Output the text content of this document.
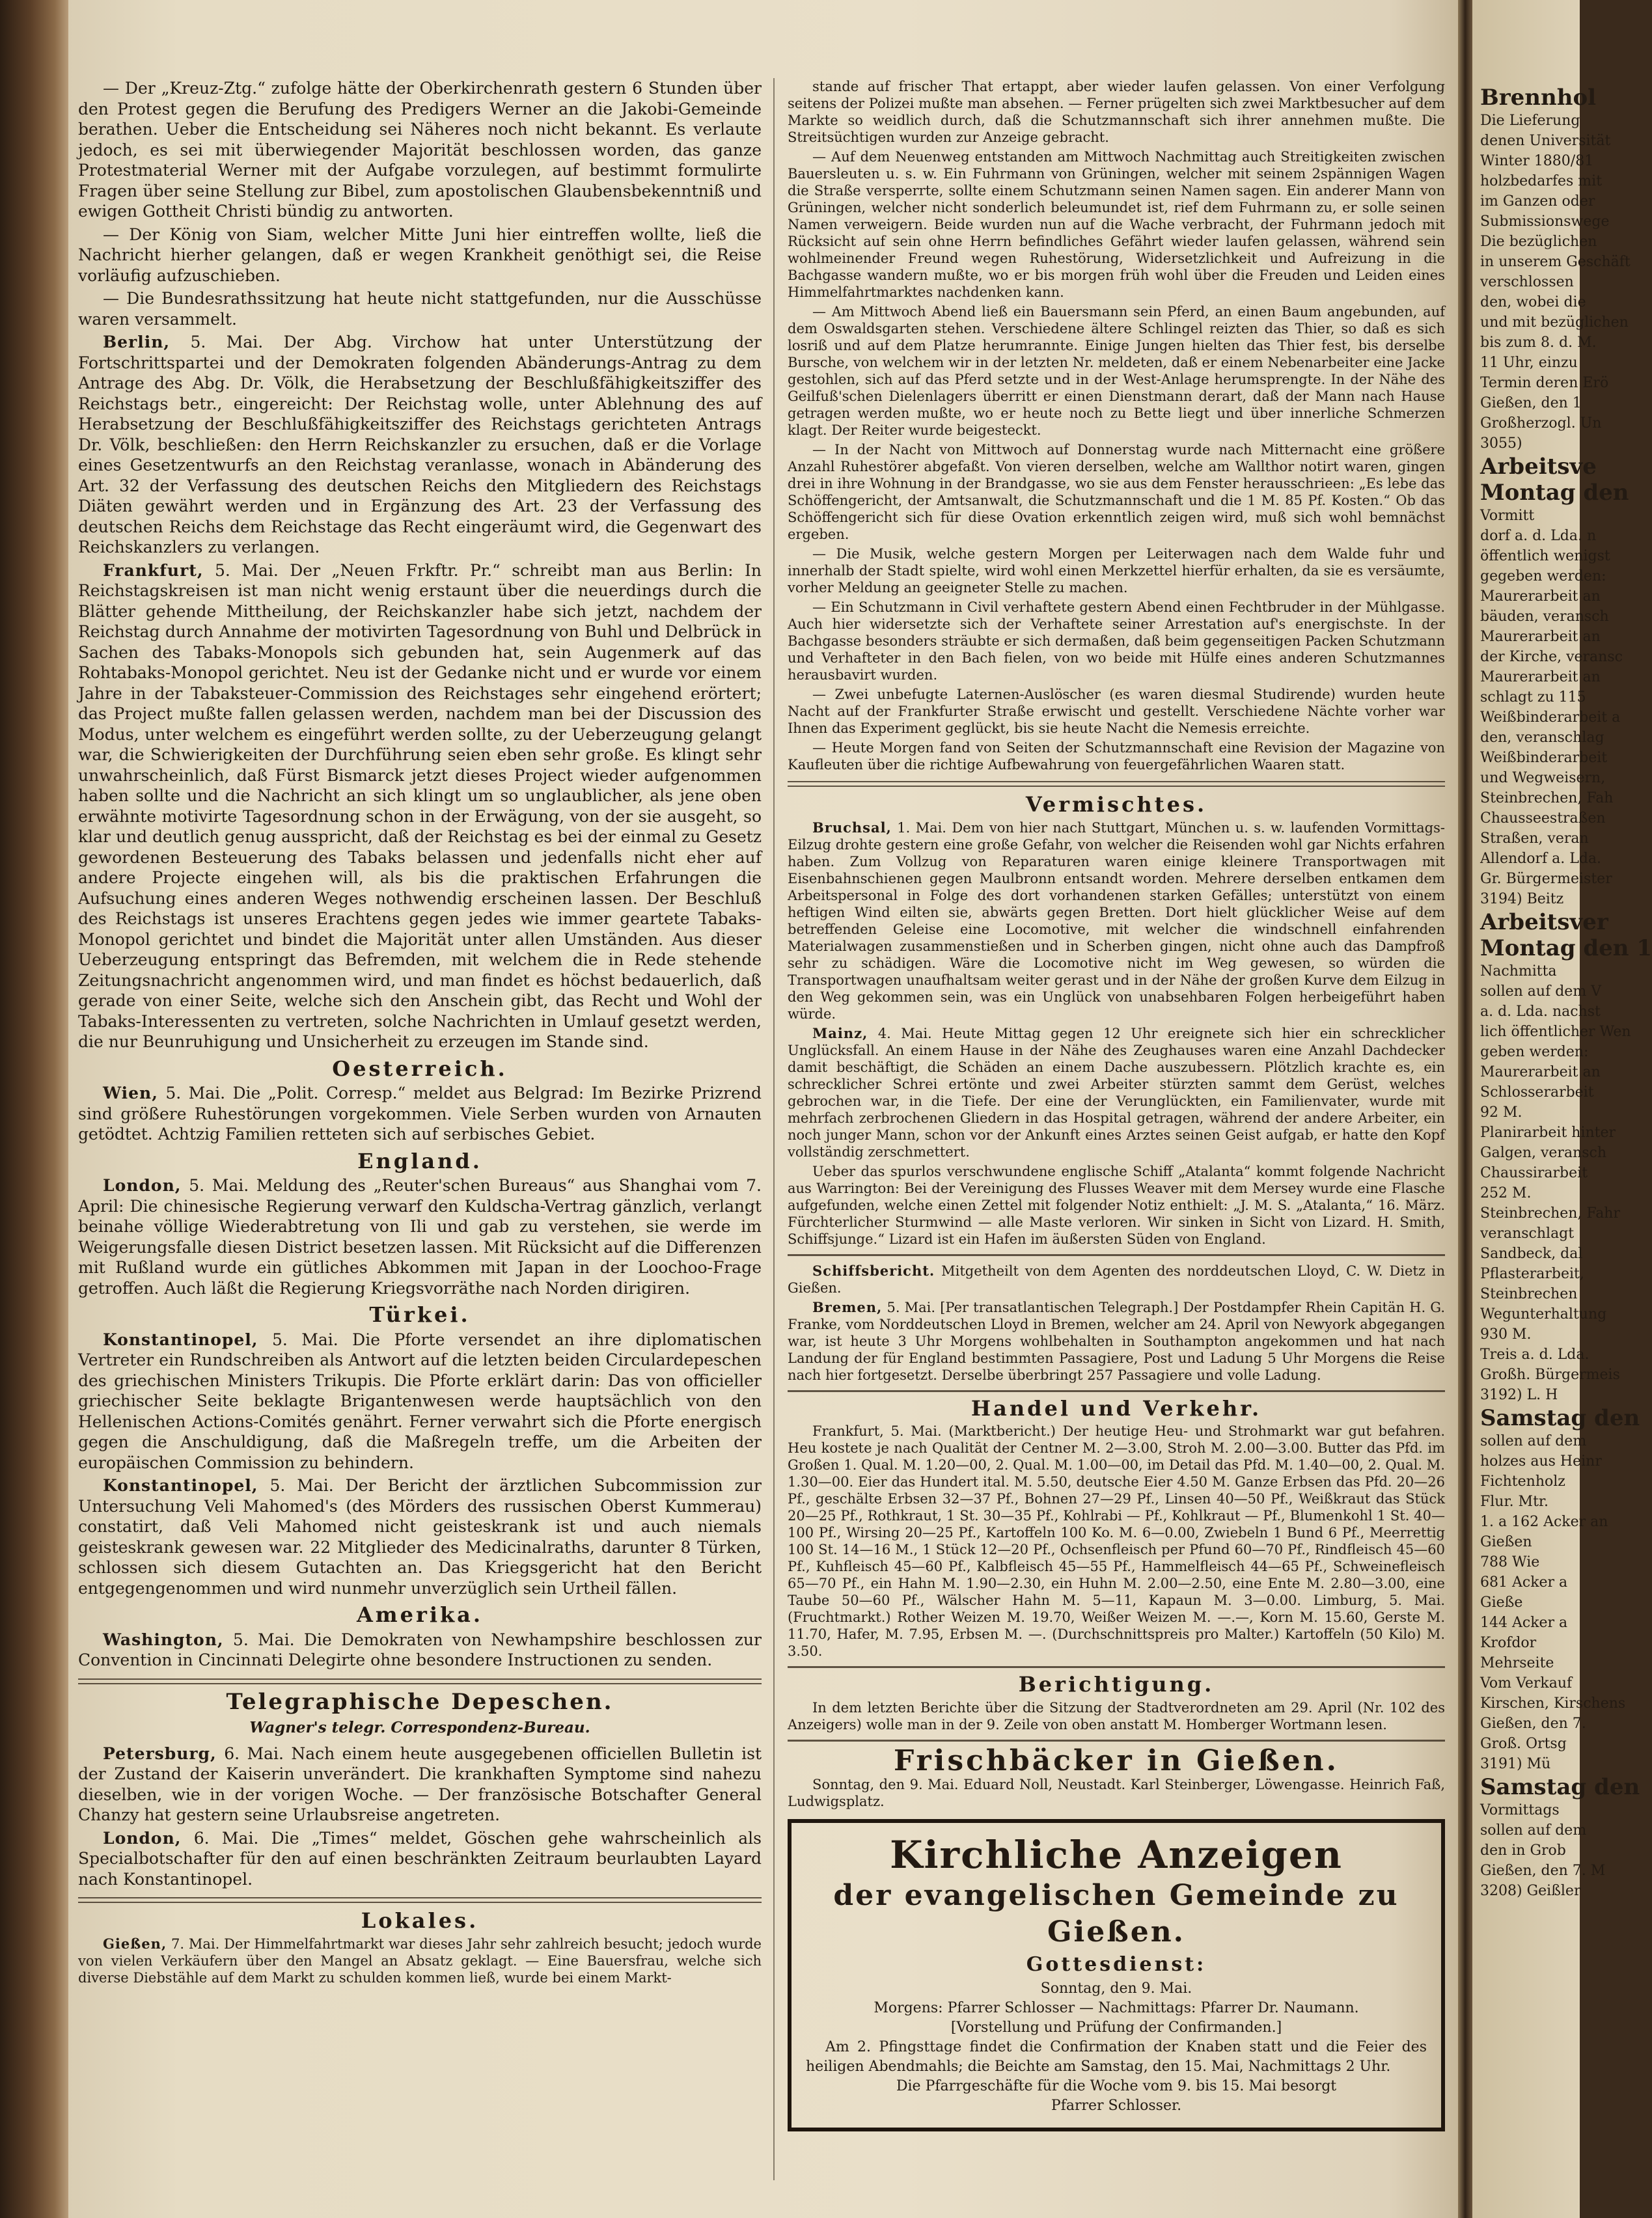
— Der „Kreuz-Ztg.“ zufolge hätte der Oberkirchenrath gestern 6 Stunden über den Protest gegen die Berufung des Predigers Werner an die Jakobi-Gemeinde berathen. Ueber die Entscheidung sei Näheres noch nicht bekannt. Es verlaute jedoch, es sei mit überwiegender Majorität beschlossen worden, das ganze Protestmaterial Werner mit der Aufgabe vorzulegen, auf bestimmt formulirte Fragen über seine Stellung zur Bibel, zum apostolischen Glaubensbekenntniß und ewigen Gottheit Christi bündig zu antworten.

— Der König von Siam, welcher Mitte Juni hier eintreffen wollte, ließ die Nachricht hierher gelangen, daß er wegen Krankheit genöthigt sei, die Reise vorläufig aufzuschieben.

— Die Bundesrathssitzung hat heute nicht stattgefunden, nur die Ausschüsse waren versammelt.

Berlin, 5. Mai. Der Abg. Virchow hat unter Unterstützung der Fortschrittspartei und der Demokraten folgenden Abänderungs-Antrag zu dem Antrage des Abg. Dr. Völk, die Herabsetzung der Beschlußfähigkeitsziffer des Reichstags betr., eingereicht: Der Reichstag wolle, unter Ablehnung des auf Herabsetzung der Beschlußfähigkeitsziffer des Reichstags gerichteten Antrags Dr. Völk, beschließen: den Herrn Reichskanzler zu ersuchen, daß er die Vorlage eines Gesetzentwurfs an den Reichstag veranlasse, wonach in Abänderung des Art. 32 der Verfassung des deutschen Reichs den Mitgliedern des Reichstags Diäten gewährt werden und in Ergänzung des Art. 23 der Verfassung des deutschen Reichs dem Reichstage das Recht eingeräumt wird, die Gegenwart des Reichskanzlers zu verlangen.

Frankfurt, 5. Mai. Der „Neuen Frkftr. Pr.“ schreibt man aus Berlin: In Reichstagskreisen ist man nicht wenig erstaunt über die neuerdings durch die Blätter gehende Mittheilung, der Reichskanzler habe sich jetzt, nachdem der Reichstag durch Annahme der motivirten Tagesordnung von Buhl und Delbrück in Sachen des Tabaks-Monopols sich gebunden hat, sein Augenmerk auf das Rohtabaks-Monopol gerichtet. Neu ist der Gedanke nicht und er wurde vor einem Jahre in der Tabaksteuer-Commission des Reichstages sehr eingehend erörtert; das Project mußte fallen gelassen werden, nachdem man bei der Discussion des Modus, unter welchem es eingeführt werden sollte, zu der Ueberzeugung gelangt war, die Schwierigkeiten der Durchführung seien eben sehr große. Es klingt sehr unwahrscheinlich, daß Fürst Bismarck jetzt dieses Project wieder aufgenommen haben sollte und die Nachricht an sich klingt um so unglaublicher, als jene oben erwähnte motivirte Tagesordnung schon in der Erwägung, von der sie ausgeht, so klar und deutlich genug ausspricht, daß der Reichstag es bei der einmal zu Gesetz gewordenen Besteuerung des Tabaks belassen und jedenfalls nicht eher auf andere Projecte eingehen will, als bis die praktischen Erfahrungen die Aufsuchung eines anderen Weges nothwendig erscheinen lassen. Der Beschluß des Reichstags ist unseres Erachtens gegen jedes wie immer geartete Tabaks-Monopol gerichtet und bindet die Majorität unter allen Umständen. Aus dieser Ueberzeugung entspringt das Befremden, mit welchem die in Rede stehende Zeitungsnachricht angenommen wird, und man findet es höchst bedauerlich, daß gerade von einer Seite, welche sich den Anschein gibt, das Recht und Wohl der Tabaks-Interessenten zu vertreten, solche Nachrichten in Umlauf gesetzt werden, die nur Beunruhigung und Unsicherheit zu erzeugen im Stande sind.

Oesterreich.

Wien, 5. Mai. Die „Polit. Corresp.“ meldet aus Belgrad: Im Bezirke Prizrend sind größere Ruhestörungen vorgekommen. Viele Serben wurden von Arnauten getödtet. Achtzig Familien retteten sich auf serbisches Gebiet.

England.

London, 5. Mai. Meldung des „Reuter'schen Bureaus“ aus Shanghai vom 7. April: Die chinesische Regierung verwarf den Kuldscha-Vertrag gänzlich, verlangt beinahe völlige Wiederabtretung von Ili und gab zu verstehen, sie werde im Weigerungsfalle diesen District besetzen lassen. Mit Rücksicht auf die Differenzen mit Rußland wurde ein gütliches Abkommen mit Japan in der Loochoo-Frage getroffen. Auch läßt die Regierung Kriegsvorräthe nach Norden dirigiren.

Türkei.

Konstantinopel, 5. Mai. Die Pforte versendet an ihre diplomatischen Vertreter ein Rundschreiben als Antwort auf die letzten beiden Circulardepeschen des griechischen Ministers Trikupis. Die Pforte erklärt darin: Das von officieller griechischer Seite beklagte Brigantenwesen werde hauptsächlich von den Hellenischen Actions-Comités genährt. Ferner verwahrt sich die Pforte energisch gegen die Anschuldigung, daß die Maßregeln treffe, um die Arbeiten der europäischen Commission zu behindern.

Konstantinopel, 5. Mai. Der Bericht der ärztlichen Subcommission zur Untersuchung Veli Mahomed's (des Mörders des russischen Oberst Kummerau) constatirt, daß Veli Mahomed nicht geisteskrank ist und auch niemals geisteskrank gewesen war. 22 Mitglieder des Medicinalraths, darunter 8 Türken, schlossen sich diesem Gutachten an. Das Kriegsgericht hat den Bericht entgegengenommen und wird nunmehr unverzüglich sein Urtheil fällen.

Amerika.

Washington, 5. Mai. Die Demokraten von Newhampshire beschlossen zur Convention in Cincinnati Delegirte ohne besondere Instructionen zu senden.

Telegraphische Depeschen.
Wagner's telegr. Correspondenz-Bureau.

Petersburg, 6. Mai. Nach einem heute ausgegebenen officiellen Bulletin ist der Zustand der Kaiserin unverändert. Die krankhaften Symptome sind nahezu dieselben, wie in der vorigen Woche. — Der französische Botschafter General Chanzy hat gestern seine Urlaubsreise angetreten.

London, 6. Mai. Die „Times“ meldet, Göschen gehe wahrscheinlich als Specialbotschafter für den auf einen beschränkten Zeitraum beurlaubten Layard nach Konstantinopel.

Lokales.

Gießen, 7. Mai. Der Himmelfahrtmarkt war dieses Jahr sehr zahlreich besucht; jedoch wurde von vielen Verkäufern über den Mangel an Absatz geklagt. — Eine Bauersfrau, welche sich diverse Diebstähle auf dem Markt zu schulden kommen ließ, wurde bei einem Markt-

stande auf frischer That ertappt, aber wieder laufen gelassen. Von einer Verfolgung seitens der Polizei mußte man absehen. — Ferner prügelten sich zwei Marktbesucher auf dem Markte so weidlich durch, daß die Schutzmannschaft sich ihrer annehmen mußte. Die Streitsüchtigen wurden zur Anzeige gebracht.

— Auf dem Neuenweg entstanden am Mittwoch Nachmittag auch Streitigkeiten zwischen Bauersleuten u. s. w. Ein Fuhrmann von Grüningen, welcher mit seinem 2spännigen Wagen die Straße versperrte, sollte einem Schutzmann seinen Namen sagen. Ein anderer Mann von Grüningen, welcher nicht sonderlich beleumundet ist, rief dem Fuhrmann zu, er solle seinen Namen verweigern. Beide wurden nun auf die Wache verbracht, der Fuhrmann jedoch mit Rücksicht auf sein ohne Herrn befindliches Gefährt wieder laufen gelassen, während sein wohlmeinender Freund wegen Ruhestörung, Widersetzlichkeit und Aufreizung in die Bachgasse wandern mußte, wo er bis morgen früh wohl über die Freuden und Leiden eines Himmelfahrtmarktes nachdenken kann.

— Am Mittwoch Abend ließ ein Bauersmann sein Pferd, an einen Baum angebunden, auf dem Oswaldsgarten stehen. Verschiedene ältere Schlingel reizten das Thier, so daß es sich losriß und auf dem Platze herumrannte. Einige Jungen hielten das Thier fest, bis derselbe Bursche, von welchem wir in der letzten Nr. meldeten, daß er einem Nebenarbeiter eine Jacke gestohlen, sich auf das Pferd setzte und in der West-Anlage herumsprengte. In der Nähe des Geilfuß'schen Dielenlagers überritt er einen Dienstmann derart, daß der Mann nach Hause getragen werden mußte, wo er heute noch zu Bette liegt und über innerliche Schmerzen klagt. Der Reiter wurde beigesteckt.

— In der Nacht von Mittwoch auf Donnerstag wurde nach Mitternacht eine größere Anzahl Ruhestörer abgefaßt. Von vieren derselben, welche am Wallthor notirt waren, gingen drei in ihre Wohnung in der Brandgasse, wo sie aus dem Fenster herausschrieen: „Es lebe das Schöffengericht, der Amtsanwalt, die Schutzmannschaft und die 1 M. 85 Pf. Kosten.“ Ob das Schöffengericht sich für diese Ovation erkenntlich zeigen wird, muß sich wohl bemnächst ergeben.

— Die Musik, welche gestern Morgen per Leiterwagen nach dem Walde fuhr und innerhalb der Stadt spielte, wird wohl einen Merkzettel hierfür erhalten, da sie es versäumte, vorher Meldung an geeigneter Stelle zu machen.

— Ein Schutzmann in Civil verhaftete gestern Abend einen Fechtbruder in der Mühlgasse. Auch hier widersetzte sich der Verhaftete seiner Arrestation auf's energischste. In der Bachgasse besonders sträubte er sich dermaßen, daß beim gegenseitigen Packen Schutzmann und Verhafteter in den Bach fielen, von wo beide mit Hülfe eines anderen Schutzmannes herausbavirt wurden.

— Zwei unbefugte Laternen-Auslöscher (es waren diesmal Studirende) wurden heute Nacht auf der Frankfurter Straße erwischt und gestellt. Verschiedene Nächte vorher war Ihnen das Experiment geglückt, bis sie heute Nacht die Nemesis erreichte.

— Heute Morgen fand von Seiten der Schutzmannschaft eine Revision der Magazine von Kaufleuten über die richtige Aufbewahrung von feuergefährlichen Waaren statt.

Vermischtes.

Bruchsal, 1. Mai. Dem von hier nach Stuttgart, München u. s. w. laufenden Vormittags-Eilzug drohte gestern eine große Gefahr, von welcher die Reisenden wohl gar Nichts erfahren haben. Zum Vollzug von Reparaturen waren einige kleinere Transportwagen mit Eisenbahnschienen gegen Maulbronn entsandt worden. Mehrere derselben entkamen dem Arbeitspersonal in Folge des dort vorhandenen starken Gefälles; unterstützt von einem heftigen Wind eilten sie, abwärts gegen Bretten. Dort hielt glücklicher Weise auf dem betreffenden Geleise eine Locomotive, mit welcher die windschnell einfahrenden Materialwagen zusammenstießen und in Scherben gingen, nicht ohne auch das Dampfroß sehr zu schädigen. Wäre die Locomotive nicht im Weg gewesen, so würden die Transportwagen unaufhaltsam weiter gerast und in der Nähe der großen Kurve dem Eilzug in den Weg gekommen sein, was ein Unglück von unabsehbaren Folgen herbeigeführt haben würde.

Mainz, 4. Mai. Heute Mittag gegen 12 Uhr ereignete sich hier ein schrecklicher Unglücksfall. An einem Hause in der Nähe des Zeughauses waren eine Anzahl Dachdecker damit beschäftigt, die Schäden an einem Dache auszubessern. Plötzlich krachte es, ein schrecklicher Schrei ertönte und zwei Arbeiter stürzten sammt dem Gerüst, welches gebrochen war, in die Tiefe. Der eine der Verunglückten, ein Familienvater, wurde mit mehrfach zerbrochenen Gliedern in das Hospital getragen, während der andere Arbeiter, ein noch junger Mann, schon vor der Ankunft eines Arztes seinen Geist aufgab, er hatte den Kopf vollständig zerschmettert.

Ueber das spurlos verschwundene englische Schiff „Atalanta“ kommt folgende Nachricht aus Warrington: Bei der Vereinigung des Flusses Weaver mit dem Mersey wurde eine Flasche aufgefunden, welche einen Zettel mit folgender Notiz enthielt: „J. M. S. „Atalanta,“ 16. März. Fürchterlicher Sturmwind — alle Maste verloren. Wir sinken in Sicht von Lizard. H. Smith, Schiffsjunge.“ Lizard ist ein Hafen im äußersten Süden von England.

Schiffsbericht. Mitgetheilt von dem Agenten des norddeutschen Lloyd, C. W. Dietz in Gießen.

Bremen, 5. Mai. [Per transatlantischen Telegraph.] Der Postdampfer Rhein Capitän H. G. Franke, vom Norddeutschen Lloyd in Bremen, welcher am 24. April von Newyork abgegangen war, ist heute 3 Uhr Morgens wohlbehalten in Southampton angekommen und hat nach Landung der für England bestimmten Passagiere, Post und Ladung 5 Uhr Morgens die Reise nach hier fortgesetzt. Derselbe überbringt 257 Passagiere und volle Ladung.

Handel und Verkehr.

Frankfurt, 5. Mai. (Marktbericht.) Der heutige Heu- und Strohmarkt war gut befahren. Heu kostete je nach Qualität der Centner M. 2—3.00, Stroh M. 2.00—3.00. Butter das Pfd. im Großen 1. Qual. M. 1.20—00, 2. Qual. M. 1.00—00, im Detail das Pfd. M. 1.40—00, 2. Qual. M. 1.30—00. Eier das Hundert ital. M. 5.50, deutsche Eier 4.50 M. Ganze Erbsen das Pfd. 20—26 Pf., geschälte Erbsen 32—37 Pf., Bohnen 27—29 Pf., Linsen 40—50 Pf., Weißkraut das Stück 20—25 Pf., Rothkraut, 1 St. 30—35 Pf., Kohlrabi — Pf., Kohlkraut — Pf., Blumenkohl 1 St. 40—100 Pf., Wirsing 20—25 Pf., Kartoffeln 100 Ko. M. 6—0.00, Zwiebeln 1 Bund 6 Pf., Meerrettig 100 St. 14—16 M., 1 Stück 12—20 Pf., Ochsenfleisch per Pfund 60—70 Pf., Rindfleisch 45—60 Pf., Kuhfleisch 45—60 Pf., Kalbfleisch 45—55 Pf., Hammelfleisch 44—65 Pf., Schweinefleisch 65—70 Pf., ein Hahn M. 1.90—2.30, ein Huhn M. 2.00—2.50, eine Ente M. 2.80—3.00, eine Taube 50—60 Pf., Wälscher Hahn M. 5—11, Kapaun M. 3—0.00. Limburg, 5. Mai. (Fruchtmarkt.) Rother Weizen M. 19.70, Weißer Weizen M. —.—, Korn M. 15.60, Gerste M. 11.70, Hafer, M. 7.95, Erbsen M. —. (Durchschnittspreis pro Malter.) Kartoffeln (50 Kilo) M. 3.50.

Berichtigung.

In dem letzten Berichte über die Sitzung der Stadtverordneten am 29. April (Nr. 102 des Anzeigers) wolle man in der 9. Zeile von oben anstatt M. Homberger Wortmann lesen.

Frischbäcker in Gießen.

Sonntag, den 9. Mai. Eduard Noll, Neustadt. Karl Steinberger, Löwengasse. Heinrich Faß, Ludwigsplatz.

Kirchliche Anzeigen
der evangelischen Gemeinde zu Gießen.
Gottesdienst:
Sonntag, den 9. Mai.
Morgens: Pfarrer Schlosser — Nachmittags: Pfarrer Dr. Naumann.
[Vorstellung und Prüfung der Confirmanden.]
Am 2. Pfingsttage findet die Confirmation der Knaben statt und die Feier des heiligen Abendmahls; die Beichte am Samstag, den 15. Mai, Nachmittags 2 Uhr.
Die Pfarrgeschäfte für die Woche vom 9. bis 15. Mai besorgt
Pfarrer Schlosser.
Brennhol
Die Lieferung
denen Universität
Winter 1880/81
holzbedarfes mit
im Ganzen oder
Submissionswege
Die bezüglichen
in unserem Geschäft
verschlossen
den, wobei die
und mit bezüglichen
bis zum 8. d. M.
11 Uhr, einzu
Termin deren Erö
Gießen, den 1
Großherzogl. Un
3055)
Arbeitsve
Montag den
Vormitt
dorf a. d. Lda. n
öffentlich wenigst
gegeben werden:
Maurerarbeit an
bäuden, veransch
Maurerarbeit an
der Kirche, veransc
Maurerarbeit an
schlagt zu 115
Weißbinderarbeit a
den, veranschlag
Weißbinderarbeit
und Wegweisern,
Steinbrechen, Fah
Chausseestraßen
Straßen, veran
Allendorf a. Lda.
Gr. Bürgermeister
3194) Beitz
Arbeitsver
Montag den 1
Nachmitta
sollen auf dem V
a. d. Lda. nachst
lich öffentlicher Wen
geben werden:
Maurerarbeit an
Schlosserarbeit
92 M.
Planirarbeit hinter
Galgen, veransch
Chaussirarbeit
252 M.
Steinbrechen, Fahr
veranschlagt
Sandbeck, dal
Pflasterarbeit,
Steinbrechen
Wegunterhaltung
930 M.
Treis a. d. Lda.
Großh. Bürgermeis
3192) L. H
Samstag den
sollen auf dem
holzes aus Heinr
Fichtenholz
Flur. Mtr.
1. a 162 Acker an
Gießen
788 Wie
681 Acker a
Gieße
144 Acker a
Krofdor
Mehrseite
Vom Verkauf
Kirschen, Kirschens
Gießen, den 7.
Groß. Ortsg
3191) Mü
Samstag den
Vormittags
sollen auf dem
den in Grob
Gießen, den 7. M
3208) Geißler
